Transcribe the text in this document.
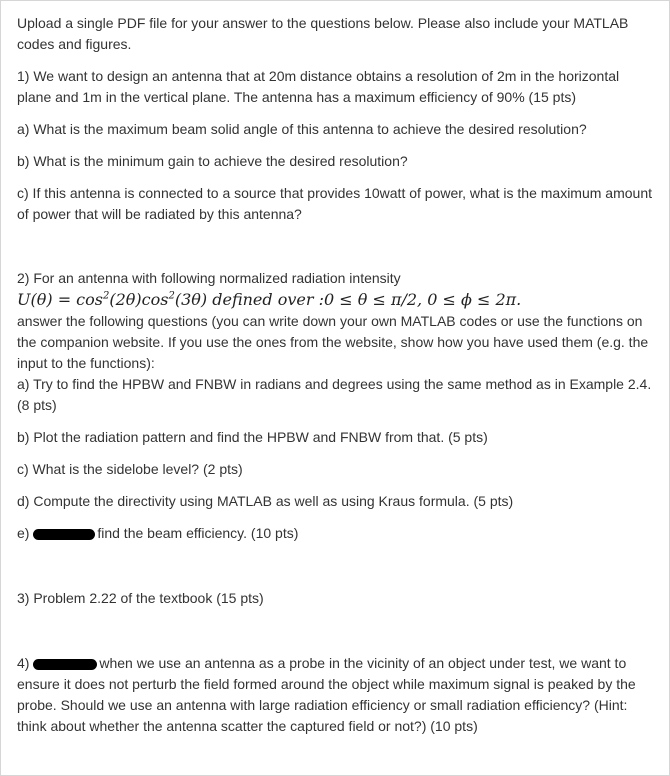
Upload a single PDF file for your answer to the questions below. Please also include your MATLAB codes and figures.

1) We want to design an antenna that at 20m distance obtains a resolution of 2m in the horizontal plane and 1m in the vertical plane. The antenna has a maximum efficiency of 90% (15 pts)

a) What is the maximum beam solid angle of this antenna to achieve the desired resolution?

b) What is the minimum gain to achieve the desired resolution?

c) If this antenna is connected to a source that provides 10watt of power, what is the maximum amount of power that will be radiated by this antenna?

2) For an antenna with following normalized radiation intensity

$U(\theta) = \cos^2(2\theta)\cos^2(3\theta)$ defined over :0 ≤ θ ≤ π/2, 0 ≤ ϕ ≤ 2π.

answer the following questions (you can write down your own MATLAB codes or use the functions on the companion website. If you use the ones from the website, show how you have used them (e.g. the input to the functions):

a) Try to find the HPBW and FNBW in radians and degrees using the same method as in Example 2.4. (8 pts)

b) Plot the radiation pattern and find the HPBW and FNBW from that. (5 pts)

c) What is the sidelobe level? (2 pts)

d) Compute the directivity using MATLAB as well as using Kraus formula. (5 pts)

e)	find the beam efficiency. (10 pts)

3) Problem 2.22 of the textbook (15 pts)

4)	when we use an antenna as a probe in the vicinity of an object under test, we want to ensure it does not perturb the field formed around the object while maximum signal is peaked by the probe. Should we use an antenna with large radiation efficiency or small radiation efficiency? (Hint: think about whether the antenna scatter the captured field or not?) (10 pts)
